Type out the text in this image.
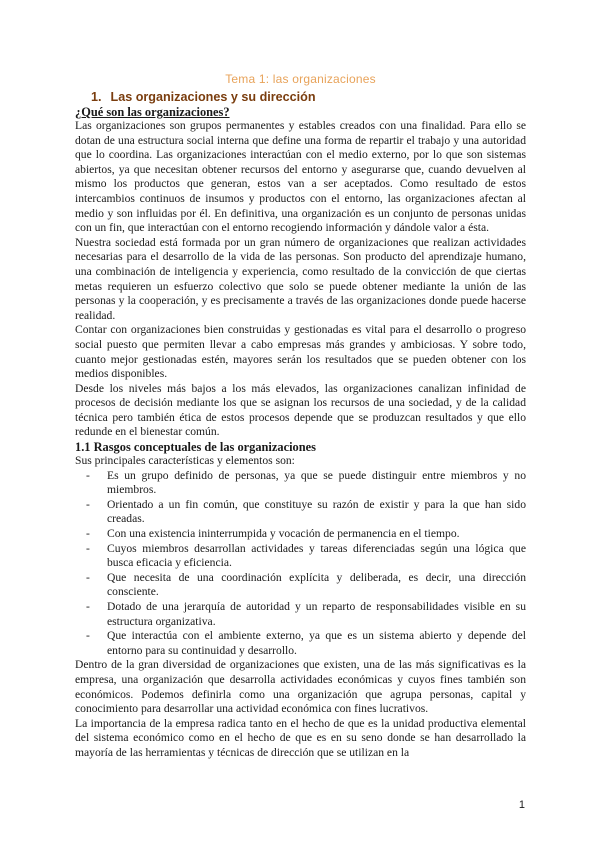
Tema 1: las organizaciones
1. Las organizaciones y su dirección
¿Qué son las organizaciones?

Las organizaciones son grupos permanentes y estables creados con una finalidad. Para ello se dotan de una estructura social interna que define una forma de repartir el trabajo y una autoridad que lo coordina. Las organizaciones interactúan con el medio externo, por lo que son sistemas abiertos, ya que necesitan obtener recursos del entorno y asegurarse que, cuando devuelven al mismo los productos que generan, estos van a ser aceptados. Como resultado de estos intercambios continuos de insumos y productos con el entorno, las organizaciones afectan al medio y son influidas por él. En definitiva, una organización es un conjunto de personas unidas con un fin, que interactúan con el entorno recogiendo información y dándole valor a ésta.

Nuestra sociedad está formada por un gran número de organizaciones que realizan actividades necesarias para el desarrollo de la vida de las personas. Son producto del aprendizaje humano, una combinación de inteligencia y experiencia, como resultado de la convicción de que ciertas metas requieren un esfuerzo colectivo que solo se puede obtener mediante la unión de las personas y la cooperación, y es precisamente a través de las organizaciones donde puede hacerse realidad.

Contar con organizaciones bien construidas y gestionadas es vital para el desarrollo o progreso social puesto que permiten llevar a cabo empresas más grandes y ambiciosas. Y sobre todo, cuanto mejor gestionadas estén, mayores serán los resultados que se pueden obtener con los medios disponibles.

Desde los niveles más bajos a los más elevados, las organizaciones canalizan infinidad de procesos de decisión mediante los que se asignan los recursos de una sociedad, y de la calidad técnica pero también ética de estos procesos depende que se produzcan resultados y que ello redunde en el bienestar común.

1.1 Rasgos conceptuales de las organizaciones

Sus principales características y elementos son:

- Es un grupo definido de personas, ya que se puede distinguir entre miembros y no miembros.
- Orientado a un fin común, que constituye su razón de existir y para la que han sido creadas.
- Con una existencia ininterrumpida y vocación de permanencia en el tiempo.
- Cuyos miembros desarrollan actividades y tareas diferenciadas según una lógica que busca eficacia y eficiencia.
- Que necesita de una coordinación explícita y deliberada, es decir, una dirección consciente.
- Dotado de una jerarquía de autoridad y un reparto de responsabilidades visible en su estructura organizativa.
- Que interactúa con el ambiente externo, ya que es un sistema abierto y depende del entorno para su continuidad y desarrollo.

Dentro de la gran diversidad de organizaciones que existen, una de las más significativas es la empresa, una organización que desarrolla actividades económicas y cuyos fines también son económicos. Podemos definirla como una organización que agrupa personas, capital y conocimiento para desarrollar una actividad económica con fines lucrativos.

La importancia de la empresa radica tanto en el hecho de que es la unidad productiva elemental del sistema económico como en el hecho de que es en su seno donde se han desarrollado la mayoría de las herramientas y técnicas de dirección que se utilizan en la

1
